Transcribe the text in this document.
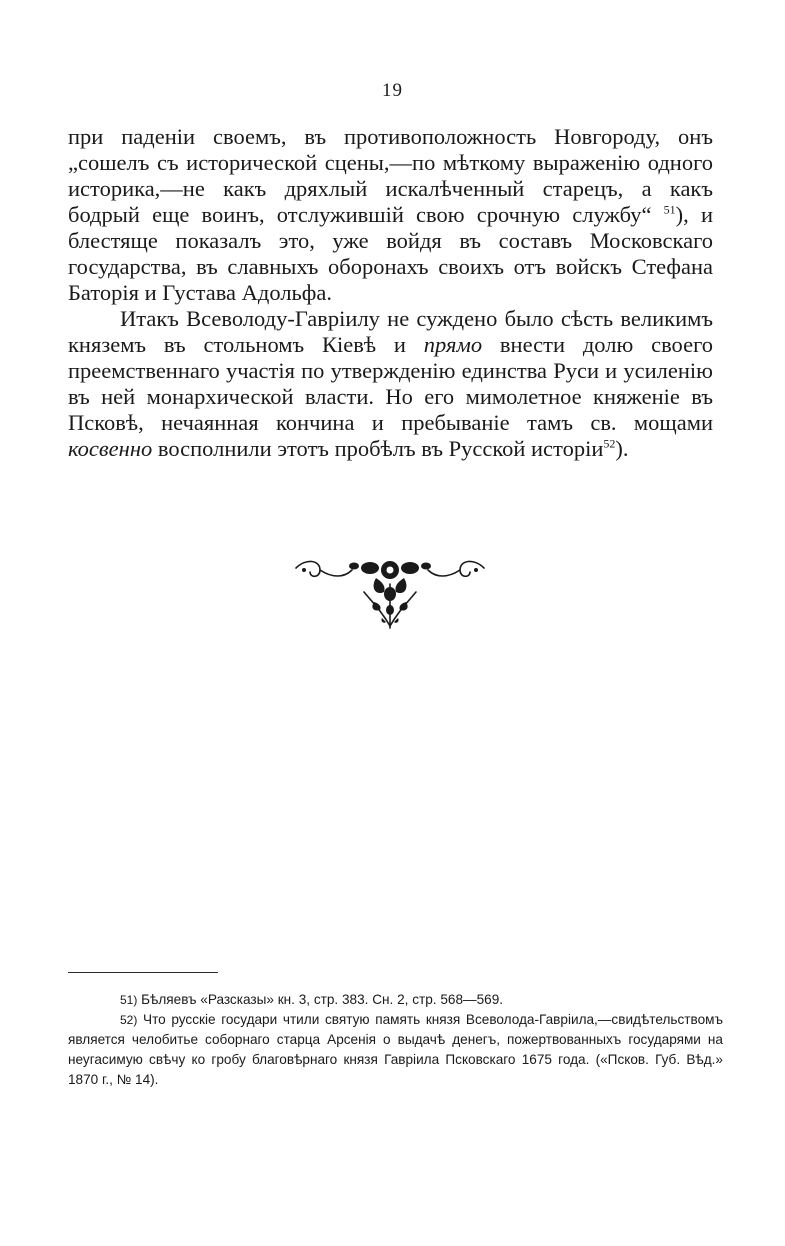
19

при паденіи своемъ, въ противоположность Новгороду, онъ „сошелъ съ исторической сцены,—по мѣткому выраженію одного историка,—не какъ дряхлый искалѣченный старецъ, а какъ бодрый еще воинъ, отслужившій свою срочную службу“ $^{51}$), и блестяще показалъ это, уже войдя въ составъ Московскаго государства, въ славныхъ оборонахъ своихъ отъ войскъ Стефана Баторія и Густава Адольфа.

Итакъ Всеволоду-Гавріилу не суждено было сѣсть великимъ княземъ въ стольномъ Кіевѣ и прямо внести долю своего преемственнаго участія по утвержденію единства Руси и усиленію въ ней монархической власти. Но его мимолетное княженіе въ Псковѣ, нечаянная кончина и пребываніе тамъ св. мощами косвенно восполнили этотъ пробѣлъ въ Русской исторіи$^{52}$).

51) Бѣляевъ «Разсказы» кн. 3, стр. 383. Сн. 2, стр. 568—569.

52) Что русскіе государи чтили святую память князя Всеволода-Гавріила,—свидѣтельствомъ является челобитье соборнаго старца Арсенія о выдачѣ денегъ, пожертвованныхъ государями на неугасимую свѣчу ко гробу благовѣрнаго князя Гавріила Псковскаго 1675 года. («Псков. Губ. Вѣд.» 1870 г., № 14).
